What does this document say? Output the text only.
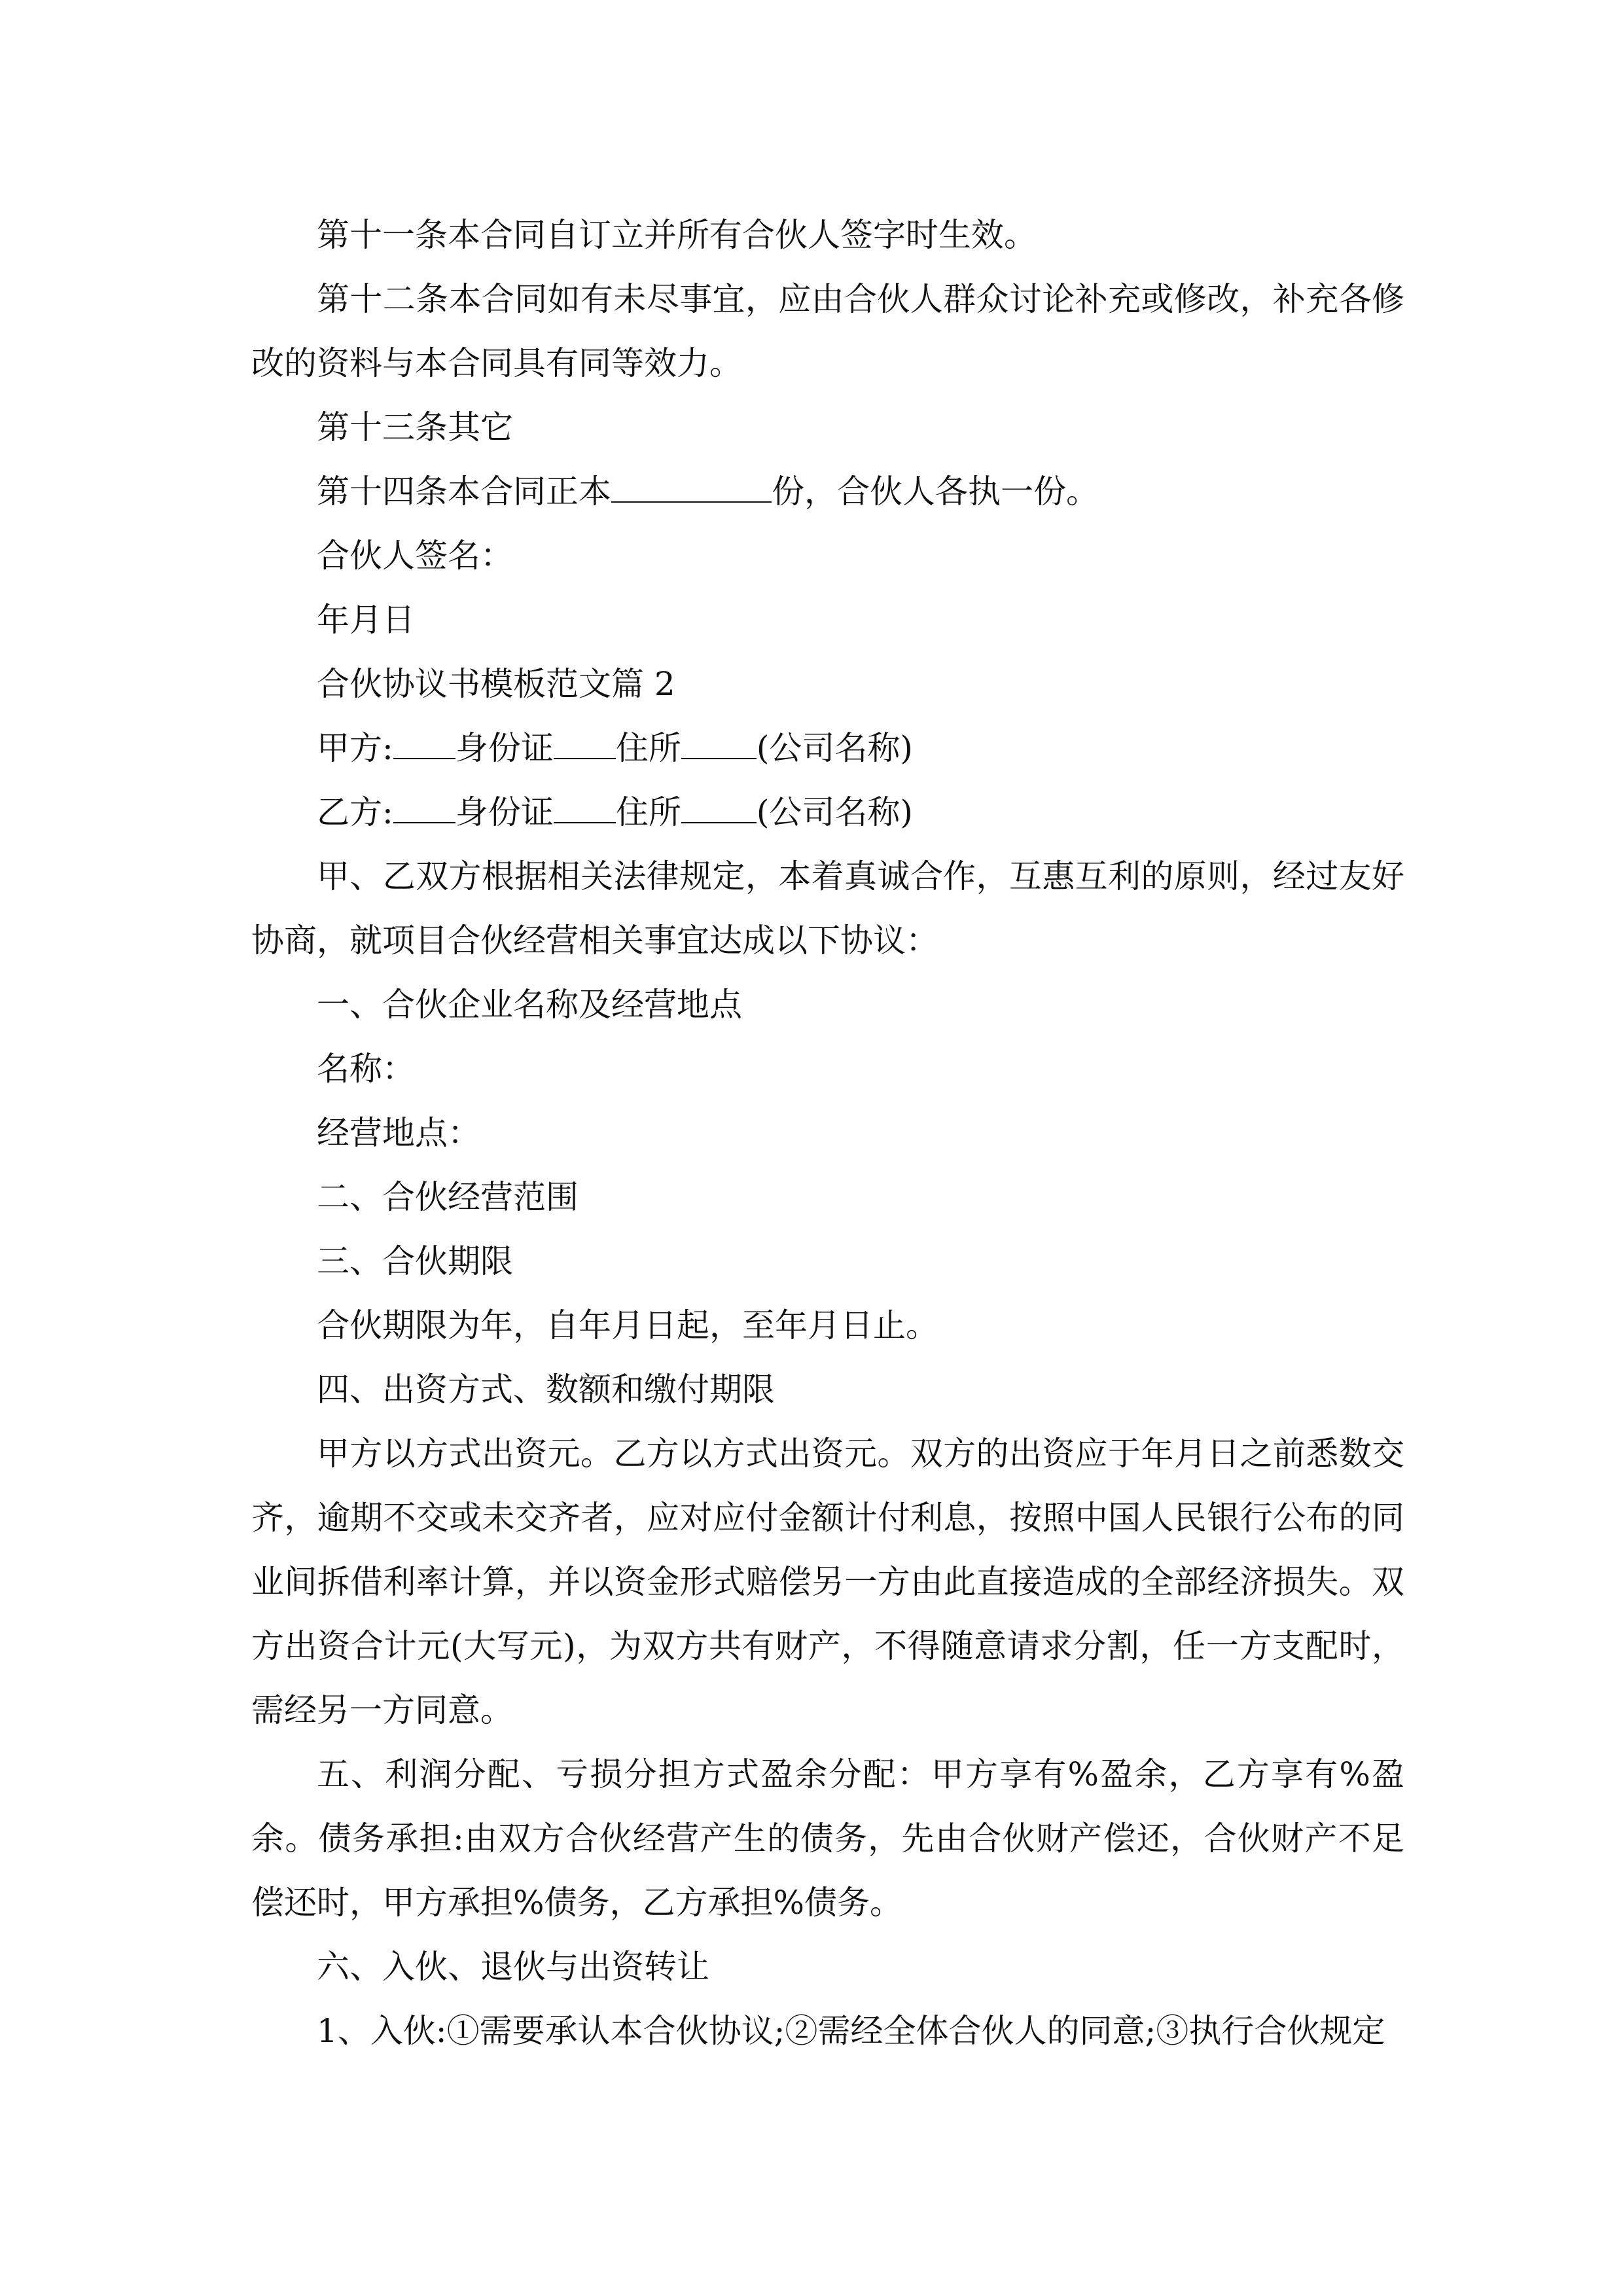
第十一条本合同自订立并所有合伙人签字时生效。

第十二条本合同如有未尽事宜，应由合伙人群众讨论补充或修改，补充各修改的资料与本合同具有同等效力。

第十三条其它

第十四条本合同正本	份，合伙人各执一份。

合伙人签名：

年月日

合伙协议书模板范文篇 2

甲方: 身份证 住所 (公司名称)

乙方: 身份证 住所 (公司名称)

甲、乙双方根据相关法律规定，本着真诚合作，互惠互利的原则，经过友好协商，就项目合伙经营相关事宜达成以下协议：

一、合伙企业名称及经营地点

名称：

经营地点：

二、合伙经营范围

三、合伙期限

合伙期限为年，自年月日起，至年月日止。

四、出资方式、数额和缴付期限

甲方以方式出资元。乙方以方式出资元。双方的出资应于年月日之前悉数交齐，逾期不交或未交齐者，应对应付金额计付利息，按照中国人民银行公布的同业间拆借利率计算，并以资金形式赔偿另一方由此直接造成的全部经济损失。双方出资合计元(大写元)，为双方共有财产，不得随意请求分割，任一方支配时，需经另一方同意。

五、利润分配、亏损分担方式盈余分配：甲方享有%盈余，乙方享有%盈余。债务承担:由双方合伙经营产生的债务，先由合伙财产偿还，合伙财产不足偿还时，甲方承担%债务，乙方承担%债务。

六、入伙、退伙与出资转让

1、入伙:①需要承认本合伙协议;②需经全体合伙人的同意;③执行合伙规定
